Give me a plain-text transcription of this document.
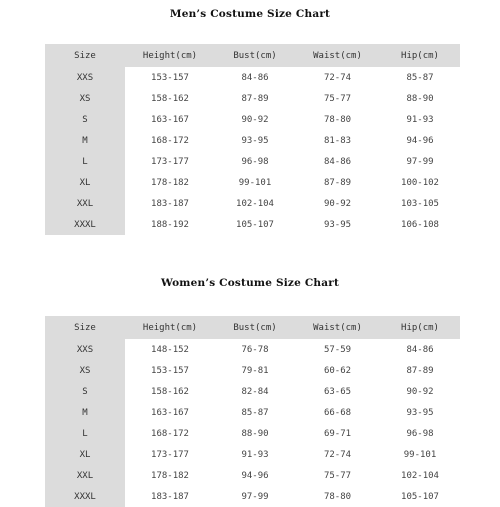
Men’s Costume Size Chart
Size	Height(cm)	Bust(cm)	Waist(cm)	Hip(cm)
XXS	153-157	84-86	72-74	85-87
XS	158-162	87-89	75-77	88-90
S	163-167	90-92	78-80	91-93
M	168-172	93-95	81-83	94-96
L	173-177	96-98	84-86	97-99
XL	178-182	99-101	87-89	100-102
XXL	183-187	102-104	90-92	103-105
XXXL	188-192	105-107	93-95	106-108
Women’s Costume Size Chart
Size	Height(cm)	Bust(cm)	Waist(cm)	Hip(cm)
XXS	148-152	76-78	57-59	84-86
XS	153-157	79-81	60-62	87-89
S	158-162	82-84	63-65	90-92
M	163-167	85-87	66-68	93-95
L	168-172	88-90	69-71	96-98
XL	173-177	91-93	72-74	99-101
XXL	178-182	94-96	75-77	102-104
XXXL	183-187	97-99	78-80	105-107
